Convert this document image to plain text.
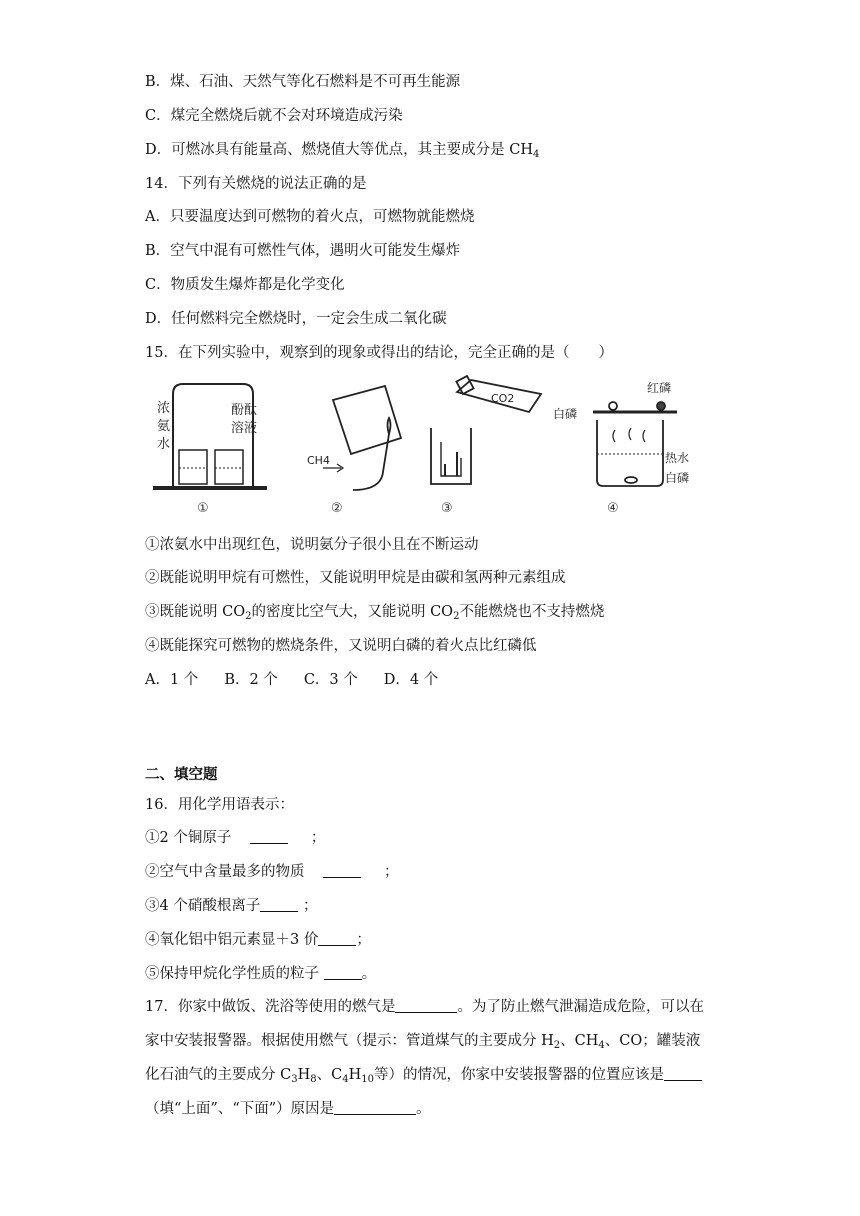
B．煤、石油、天然气等化石燃料是不可再生能源
C．煤完全燃烧后就不会对环境造成污染
D．可燃冰具有能量高、燃烧值大等优点，其主要成分是 $CH_4$
14．下列有关燃烧的说法正确的是
A．只要温度达到可燃物的着火点，可燃物就能燃烧
B．空气中混有可燃性气体，遇明火可能发生爆炸
C．物质发生爆炸都是化学变化
D．任何燃料完全燃烧时，一定会生成二氧化碳
15．在下列实验中，观察到的现象或得出的结论，完全正确的是（　　）
浓
氨
水
酚酞
溶液
①
CH4
②
CO2
③
红磷
白磷
热水
白磷
④
①浓氨水中出现红色，说明氨分子很小且在不断运动
②既能说明甲烷有可燃性，又能说明甲烷是由碳和氢两种元素组成
③既能说明 $CO_2$的密度比空气大，又能说明 $CO_2$不能燃烧也不支持燃烧
④既能探究可燃物的燃烧条件，又说明白磷的着火点比红磷低
A．1 个 B．2 个 C．3 个 D．4 个
二、填空题
16．用化学用语表示：
①2 个铜原子	；
②空气中含量最多的物质	；
③4 个硝酸根离子	；
④氧化铝中铝元素显＋3 价	；
⑤保持甲烷化学性质的粒子	。
17．你家中做饭、洗浴等使用的燃气是	。为了防止燃气泄漏造成危险，可以在
家中安装报警器。根据使用燃气（提示：管道煤气的主要成分 $H_2$、$CH_4$、CO；罐装液
化石油气的主要成分 $C_3H_8$、$C_4H_{10}$等）的情况，你家中安装报警器的位置应该是
（填“上面”、“下面”）原因是	。
